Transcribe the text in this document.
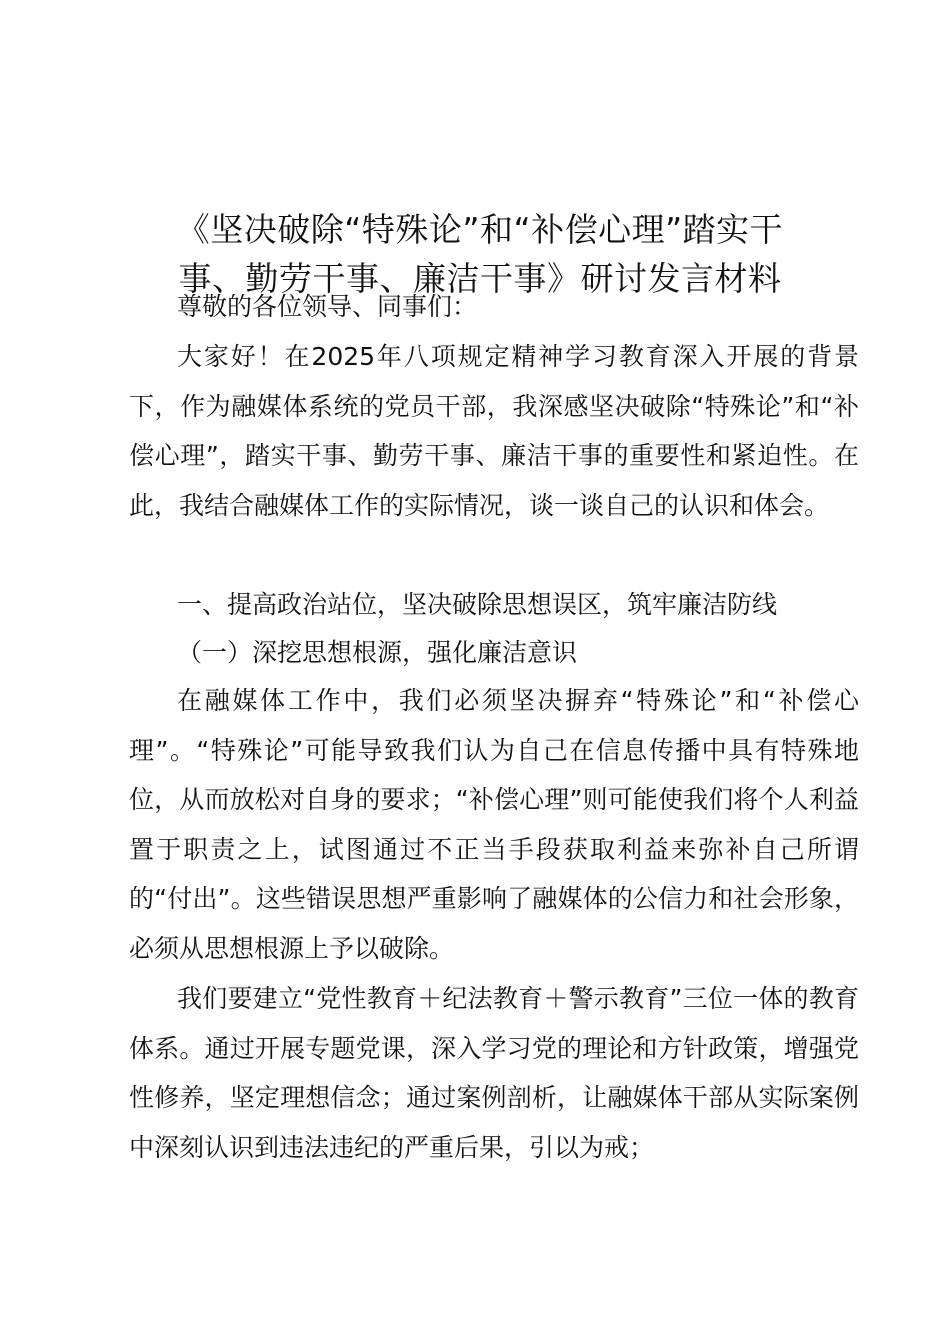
《坚决破除“特殊论”和“补偿心理”踏实干
事、勤劳干事、廉洁干事》研讨发言材料

尊敬的各位领导、同事们：

大家好！在2025年八项规定精神学习教育深入开展的背景下，作为融媒体系统的党员干部，我深感坚决破除“特殊论”和“补偿心理”，踏实干事、勤劳干事、廉洁干事的重要性和紧迫性。在此，我结合融媒体工作的实际情况，谈一谈自己的认识和体会。

一、提高政治站位，坚决破除思想误区，筑牢廉洁防线

（一）深挖思想根源，强化廉洁意识

在融媒体工作中，我们必须坚决摒弃“特殊论”和“补偿心理”。“特殊论”可能导致我们认为自己在信息传播中具有特殊地位，从而放松对自身的要求；“补偿心理”则可能使我们将个人利益置于职责之上，试图通过不正当手段获取利益来弥补自己所谓的“付出”。这些错误思想严重影响了融媒体的公信力和社会形象，必须从思想根源上予以破除。

我们要建立“党性教育＋纪法教育＋警示教育”三位一体的教育体系。通过开展专题党课，深入学习党的理论和方针政策，增强党性修养，坚定理想信念；通过案例剖析，让融媒体干部从实际案例中深刻认识到违法违纪的严重后果，引以为戒；
